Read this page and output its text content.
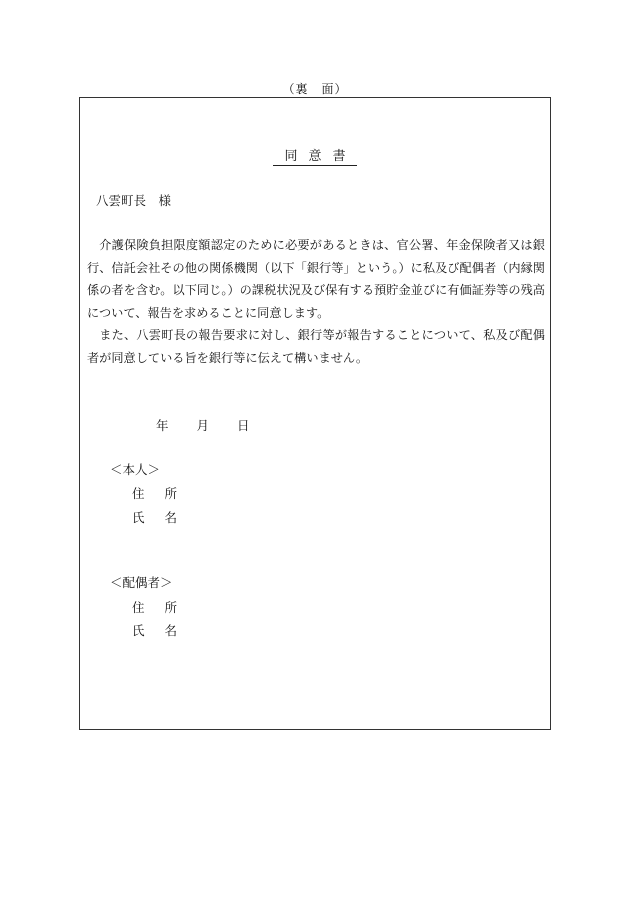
（裏　面）
同意書
八雲町長　様

介護保険負担限度額認定のために必要があるときは、官公署、年金保険者又は銀行、信託会社その他の関係機関（以下「銀行等」という。）に私及び配偶者（内縁関係の者を含む。以下同じ。）の課税状況及び保有する預貯金並びに有価証券等の残高について、報告を求めることに同意します。

また、八雲町長の報告要求に対し、銀行等が報告することについて、私及び配偶者が同意している旨を銀行等に伝えて構いません。

年 月 日
＜本人＞
住所
氏名
＜配偶者＞
住所
氏名
